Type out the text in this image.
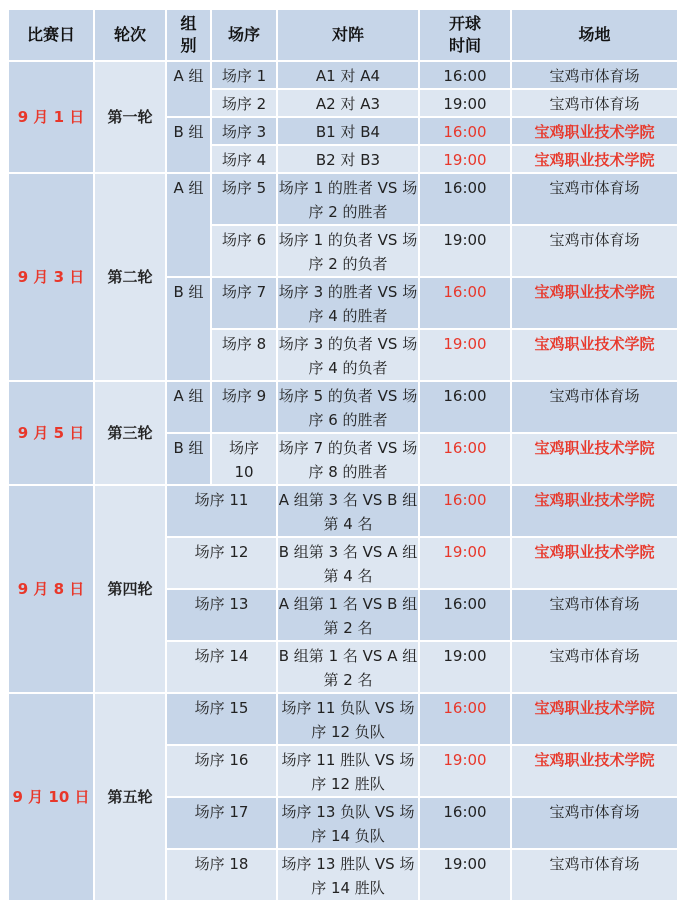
比赛日	轮次	组别	场序	对阵	开球时间	场地
9 月 1 日	第一轮	A 组	场序 1	A1 对 A4	16:00	宝鸡市体育场
			场序 2	A2 对 A3	19:00	宝鸡市体育场
		B 组	场序 3	B1 对 B4	16:00	宝鸡职业技术学院
			场序 4	B2 对 B3	19:00	宝鸡职业技术学院
9 月 3 日	第二轮	A 组	场序 5	场序 1 的胜者 VS 场序 2 的胜者	16:00	宝鸡市体育场
			场序 6	场序 1 的负者 VS 场序 2 的负者	19:00	宝鸡市体育场
		B 组	场序 7	场序 3 的胜者 VS 场序 4 的胜者	16:00	宝鸡职业技术学院
			场序 8	场序 3 的负者 VS 场序 4 的负者	19:00	宝鸡职业技术学院
9 月 5 日	第三轮	A 组	场序 9	场序 5 的负者 VS 场序 6 的胜者	16:00	宝鸡市体育场
		B 组	场序 10	场序 7 的负者 VS 场序 8 的胜者	16:00	宝鸡职业技术学院
9 月 8 日	第四轮	场序 11		A 组第 3 名 VS B 组第 4 名	16:00	宝鸡职业技术学院
		场序 12		B 组第 3 名 VS A 组第 4 名	19:00	宝鸡职业技术学院
		场序 13		A 组第 1 名 VS B 组第 2 名	16:00	宝鸡市体育场
		场序 14		B 组第 1 名 VS A 组第 2 名	19:00	宝鸡市体育场
9 月 10 日	第五轮	场序 15		场序 11 负队 VS 场序 12 负队	16:00	宝鸡职业技术学院
		场序 16		场序 11 胜队 VS 场序 12 胜队	19:00	宝鸡职业技术学院
		场序 17		场序 13 负队 VS 场序 14 负队	16:00	宝鸡市体育场
		场序 18		场序 13 胜队 VS 场序 14 胜队	19:00	宝鸡市体育场
